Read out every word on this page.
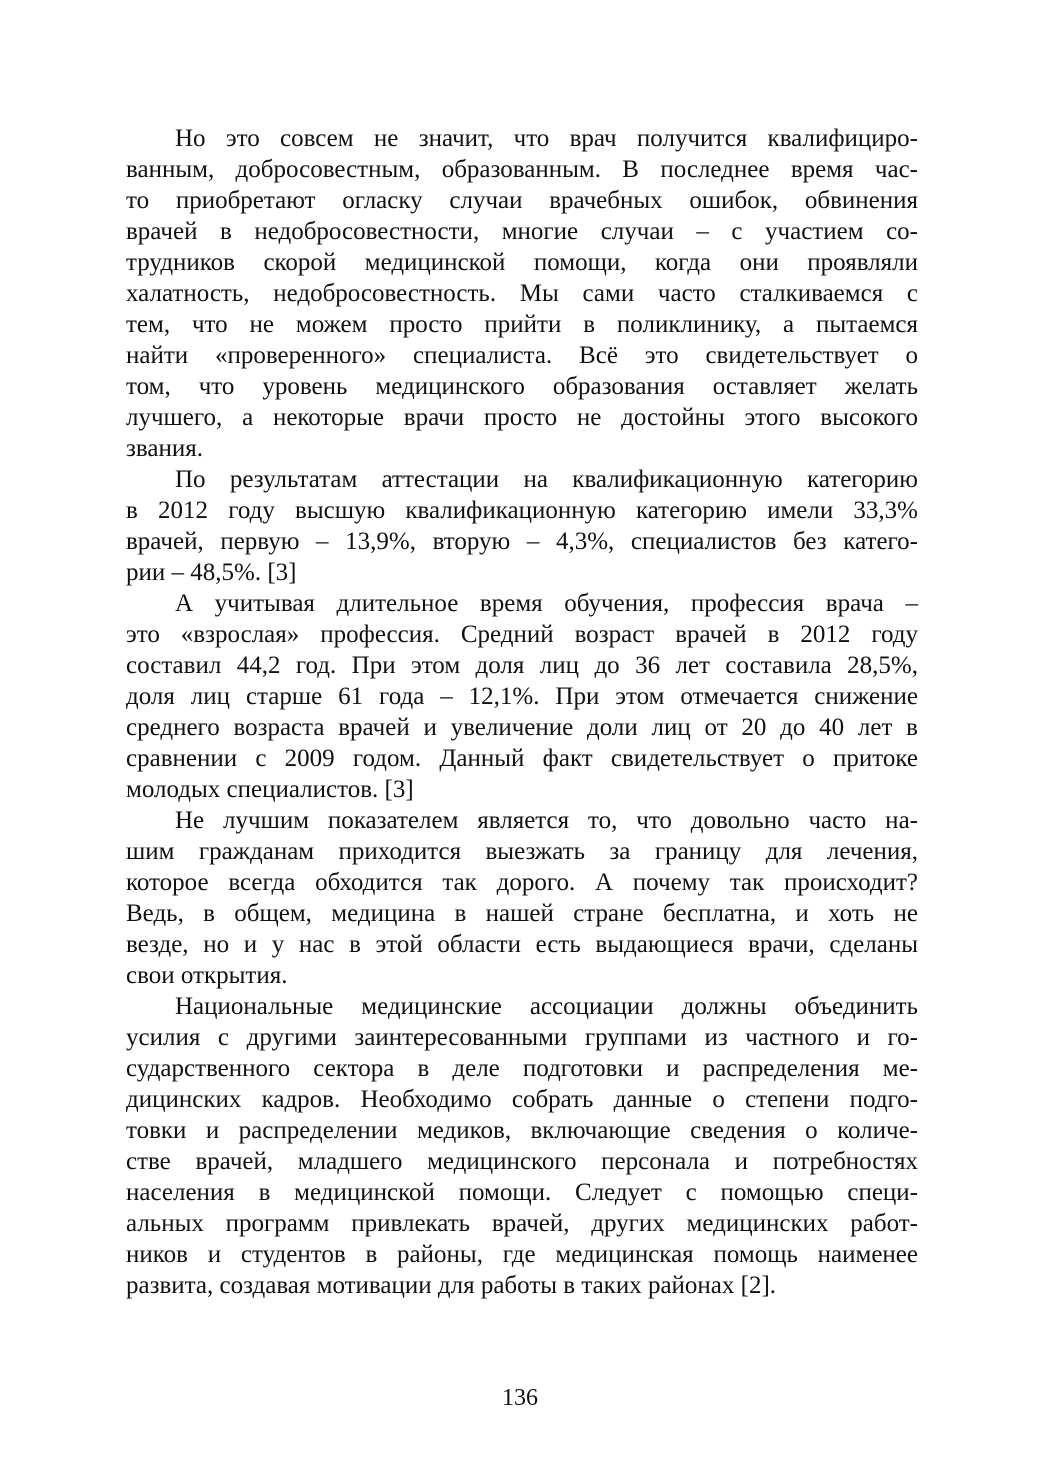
Но это совсем не значит, что врач получится квалифициро-
ванным, добросовестным, образованным. В последнее время час-
то приобретают огласку случаи врачебных ошибок, обвинения
врачей в недобросовестности, многие случаи – с участием со-
трудников скорой медицинской помощи, когда они проявляли
халатность, недобросовестность. Мы сами часто сталкиваемся с
тем, что не можем просто прийти в поликлинику, а пытаемся
найти «проверенного» специалиста. Всё это свидетельствует о
том, что уровень медицинского образования оставляет желать
лучшего, а некоторые врачи просто не достойны этого высокого
звания.
По результатам аттестации на квалификационную категорию
в 2012 году высшую квалификационную категорию имели 33,3%
врачей, первую – 13,9%, вторую – 4,3%, специалистов без катего-
рии – 48,5%. [3]
А учитывая длительное время обучения, профессия врача –
это «взрослая» профессия. Средний возраст врачей в 2012 году
составил 44,2 год. При этом доля лиц до 36 лет составила 28,5%,
доля лиц старше 61 года – 12,1%. При этом отмечается снижение
среднего возраста врачей и увеличение доли лиц от 20 до 40 лет в
сравнении с 2009 годом. Данный факт свидетельствует о притоке
молодых специалистов. [3]
Не лучшим показателем является то, что довольно часто на-
шим гражданам приходится выезжать за границу для лечения,
которое всегда обходится так дорого. А почему так происходит?
Ведь, в общем, медицина в нашей стране бесплатна, и хоть не
везде, но и у нас в этой области есть выдающиеся врачи, сделаны
свои открытия.
Национальные медицинские ассоциации должны объединить
усилия с другими заинтересованными группами из частного и го-
сударственного сектора в деле подготовки и распределения ме-
дицинских кадров. Необходимо собрать данные о степени подго-
товки и распределении медиков, включающие сведения о количе-
стве врачей, младшего медицинского персонала и потребностях
населения в медицинской помощи. Следует с помощью специ-
альных программ привлекать врачей, других медицинских работ-
ников и студентов в районы, где медицинская помощь наименее
развита, создавая мотивации для работы в таких районах [2].
136
